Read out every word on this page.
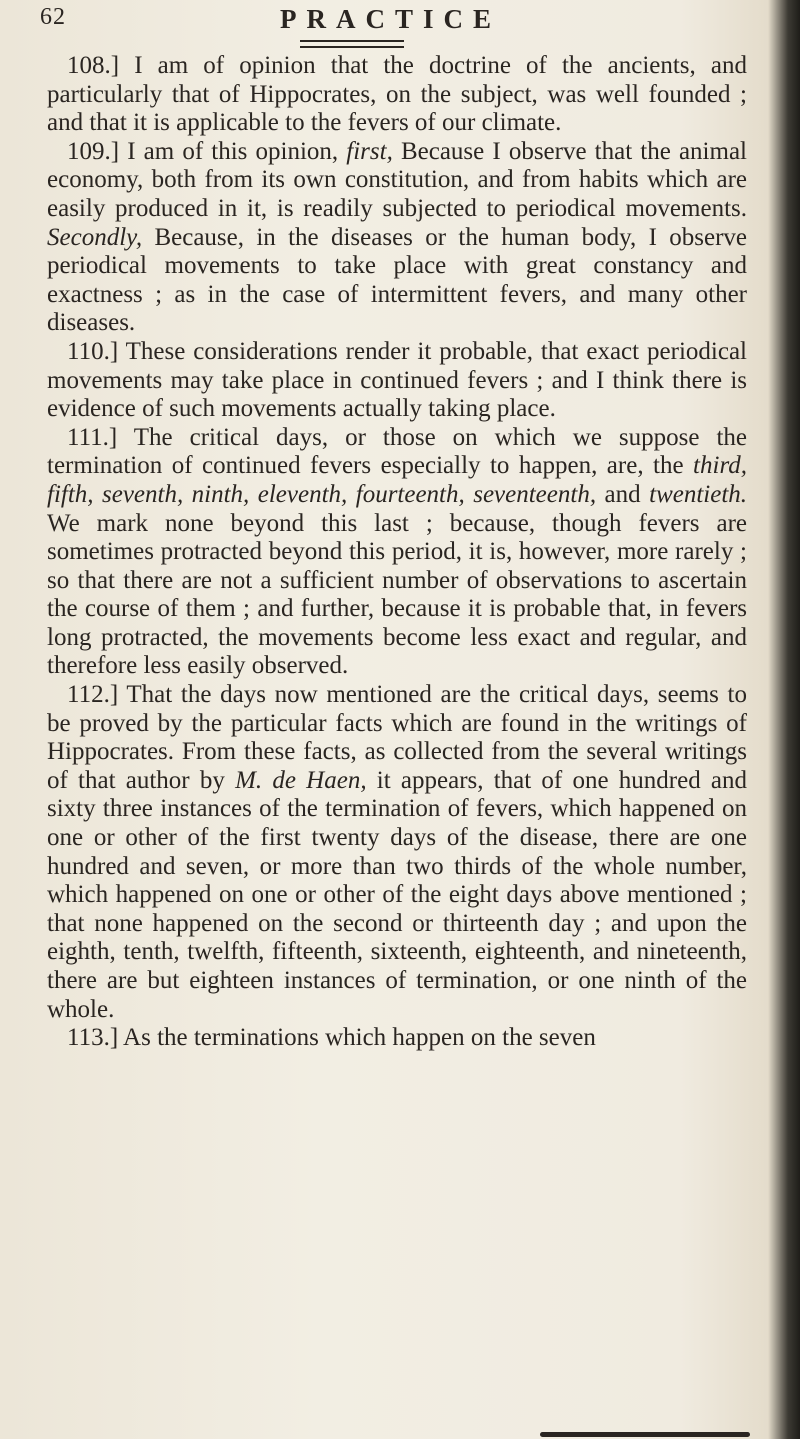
62	PRACTICE

108.] I am of opinion that the doctrine of the ancients, and particularly that of Hippocrates, on the subject, was well founded ; and that it is applicable to the fevers of our climate.

109.] I am of this opinion, first, Because I observe that the animal economy, both from its own constitution, and from habits which are easily produced in it, is readily subjected to periodical movements. Secondly, Because, in the diseases or the human body, I observe periodical movements to take place with great constancy and exactness ; as in the case of intermittent fevers, and many other diseases.

110.] These considerations render it probable, that exact periodical movements may take place in continued fevers ; and I think there is evidence of such movements actually taking place.

111.] The critical days, or those on which we suppose the termination of continued fevers especially to happen, are, the third, fifth, seventh, ninth, eleventh, fourteenth, seventeenth, and twentieth. We mark none beyond this last ; because, though fevers are sometimes protracted beyond this period, it is, however, more rarely ; so that there are not a sufficient number of observations to ascertain the course of them ; and further, because it is probable that, in fevers long protracted, the movements become less exact and regular, and therefore less easily observed.

112.] That the days now mentioned are the critical days, seems to be proved by the particular facts which are found in the writings of Hippocrates. From these facts, as collected from the several writings of that author by M. de Haen, it appears, that of one hundred and sixty three instances of the termination of fevers, which happened on one or other of the first twenty days of the disease, there are one hundred and seven, or more than two thirds of the whole number, which happened on one or other of the eight days above mentioned ; that none happened on the second or thirteenth day ; and upon the eighth, tenth, twelfth, fifteenth, sixteenth, eighteenth, and nineteenth, there are but eighteen instances of termination, or one ninth of the whole.

113.] As the terminations which happen on the seven
